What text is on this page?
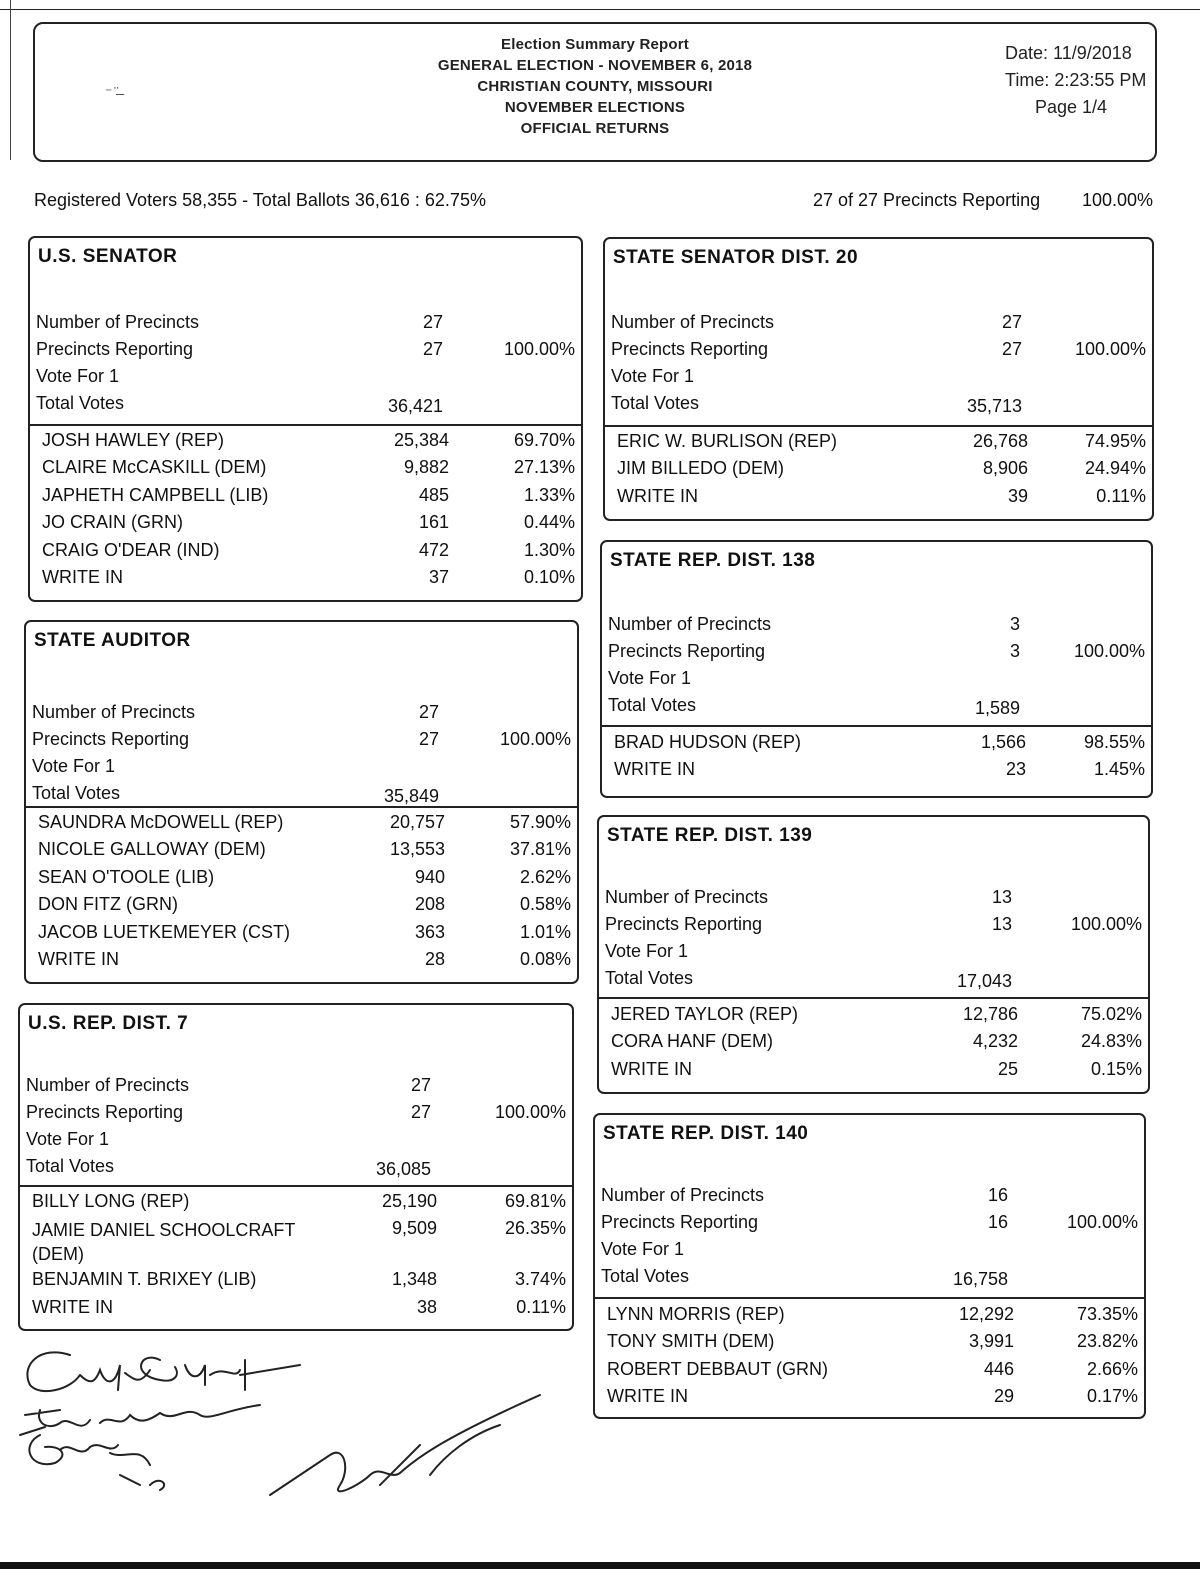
Election Summary Report
GENERAL ELECTION - NOVEMBER 6, 2018
CHRISTIAN COUNTY, MISSOURI
NOVEMBER ELECTIONS
OFFICIAL RETURNS
Date: 11/9/2018
Time: 2:23:55 PM
Page 1/4
⁻ ̈ ̶
Registered Voters 58,355 - Total Ballots 36,616 : 62.75%	27 of 27 Precincts Reporting 100.00%
U.S. SENATOR
Number of Precincts	27
Precincts Reporting	27	100.00%
Vote For 1
Total Votes	36,421
JOSH HAWLEY (REP)	25,384	69.70%
CLAIRE McCASKILL (DEM)	9,882	27.13%
JAPHETH CAMPBELL (LIB)	485	1.33%
JO CRAIN (GRN)	161	0.44%
CRAIG O'DEAR (IND)	472	1.30%
WRITE IN	37	0.10%
STATE AUDITOR
Number of Precincts	27
Precincts Reporting	27	100.00%
Vote For 1
Total Votes	35,849
SAUNDRA McDOWELL (REP)	20,757	57.90%
NICOLE GALLOWAY (DEM)	13,553	37.81%
SEAN O'TOOLE (LIB)	940	2.62%
DON FITZ (GRN)	208	0.58%
JACOB LUETKEMEYER (CST)	363	1.01%
WRITE IN	28	0.08%
U.S. REP. DIST. 7
Number of Precincts	27
Precincts Reporting	27	100.00%
Vote For 1
Total Votes	36,085
BILLY LONG (REP)	25,190	69.81%
JAMIE DANIEL SCHOOLCRAFT (DEM)
9,509	26.35%
BENJAMIN T. BRIXEY (LIB)	1,348	3.74%
WRITE IN	38	0.11%
STATE SENATOR DIST. 20
Number of Precincts	27
Precincts Reporting	27	100.00%
Vote For 1
Total Votes	35,713
ERIC W. BURLISON (REP)	26,768	74.95%
JIM BILLEDO (DEM)	8,906	24.94%
WRITE IN	39	0.11%
STATE REP. DIST. 138
Number of Precincts	3
Precincts Reporting	3	100.00%
Vote For 1
Total Votes	1,589
BRAD HUDSON (REP)	1,566	98.55%
WRITE IN	23	1.45%
STATE REP. DIST. 139
Number of Precincts	13
Precincts Reporting	13	100.00%
Vote For 1
Total Votes	17,043
JERED TAYLOR (REP)	12,786	75.02%
CORA HANF (DEM)	4,232	24.83%
WRITE IN	25	0.15%
STATE REP. DIST. 140
Number of Precincts	16
Precincts Reporting	16	100.00%
Vote For 1
Total Votes	16,758
LYNN MORRIS (REP)	12,292	73.35%
TONY SMITH (DEM)	3,991	23.82%
ROBERT DEBBAUT (GRN)	446	2.66%
WRITE IN	29	0.17%
